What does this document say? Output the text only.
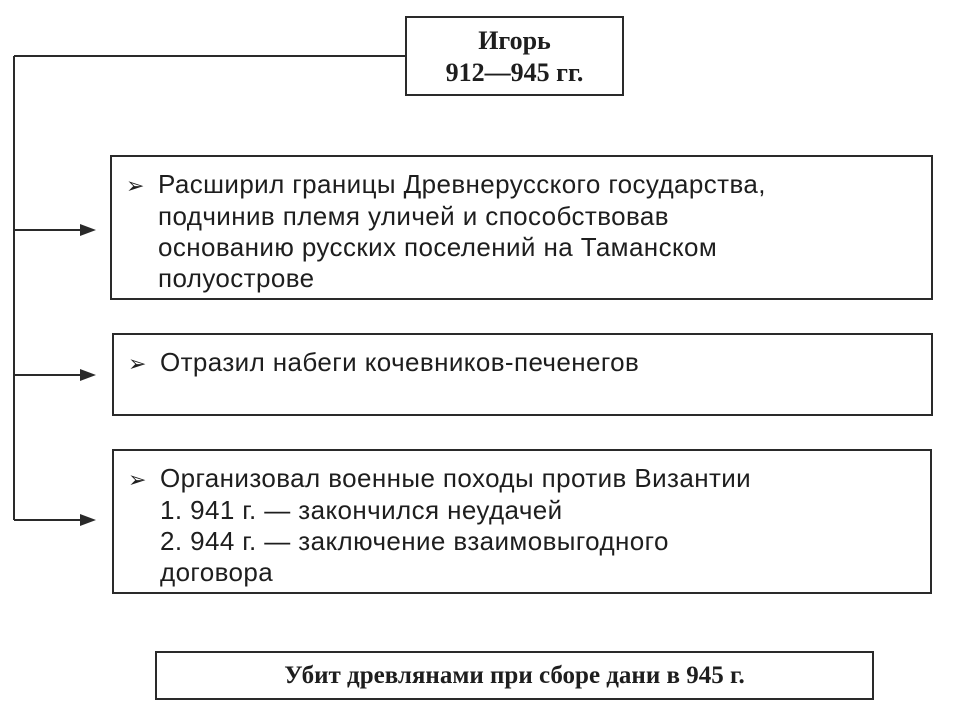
Игорь
912—945 гг.
➢ Расширил границы Древнерусского государства,
подчинив племя уличей и способствовав
основанию русских поселений на Таманском
полуострове
➢ Отразил набеги кочевников-печенегов
➢ Организовал военные походы против Византии
1. 941 г. — закончился неудачей
2. 944 г. — заключение взаимовыгодного
договора
Убит древлянами при сборе дани в 945 г.
